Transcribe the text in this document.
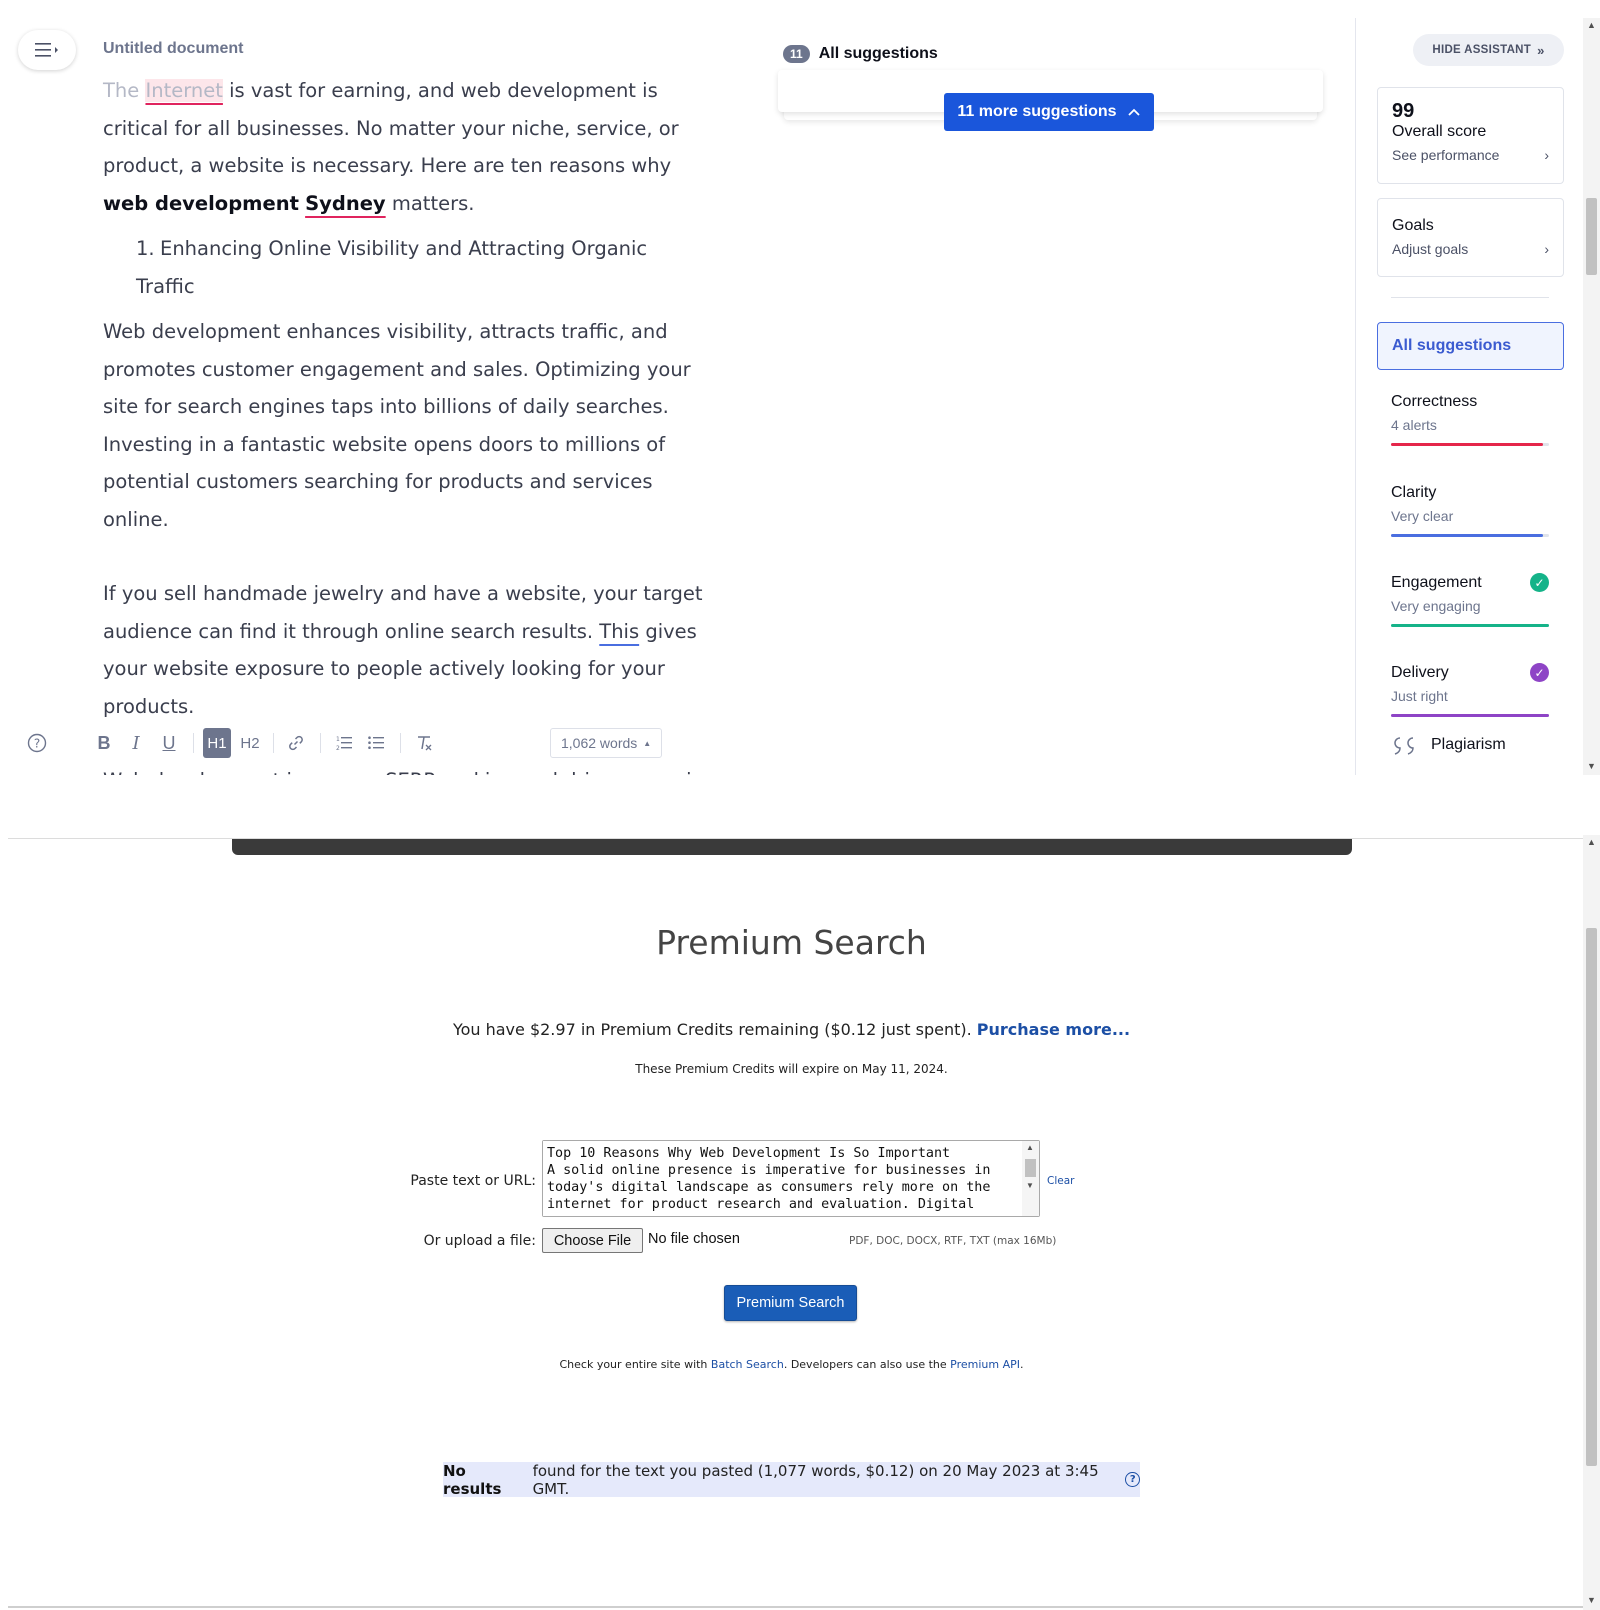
Untitled document

The Internet is vast for earning, and web development is critical for all businesses. No matter your niche, service, or product, a website is necessary. Here are ten reasons why web development Sydney matters.

1. Enhancing Online Visibility and Attracting Organic Traffic

Web development enhances visibility, attracts traffic, and promotes customer engagement and sales. Optimizing your site for search engines taps into billions of daily searches. Investing in a fantastic website opens doors to millions of potential customers searching for products and services online.

If you sell handmade jewelry and have a website, your target audience can find it through online search results. This gives your website exposure to people actively looking for your products.

?	B	I	U	H1 H2	1
2	1,062 words ▲
11	All suggestions
11 more suggestions
HIDE ASSISTANT »
99
Overall score
See performance	›
Goals
Adjust goals	›
All suggestions
Correctness
4 alerts
Clarity
Very clear
Engagement	✓
Very engaging
Delivery	✓
Just right
Plagiarism
▲
▼
Premium Search
You have $2.97 in Premium Credits remaining ($0.12 just spent). Purchase more...
These Premium Credits will expire on May 11, 2024.
Paste text or URL:
Top 10 Reasons Why Web Development Is So Important A solid online presence is imperative for businesses in today's digital landscape as consumers rely more on the internet for product research and evaluation. Digital
▲
▼ Clear
Or upload a file:	Choose File	No file chosen	PDF, DOC, DOCX, RTF, TXT (max 16Mb)
Premium Search
Check your entire site with Batch Search. Developers can also use the Premium API.
No results
found for the text you pasted (1,077 words, $0.12) on 20 May 2023 at 3:45 GMT.	?
▲
▼
